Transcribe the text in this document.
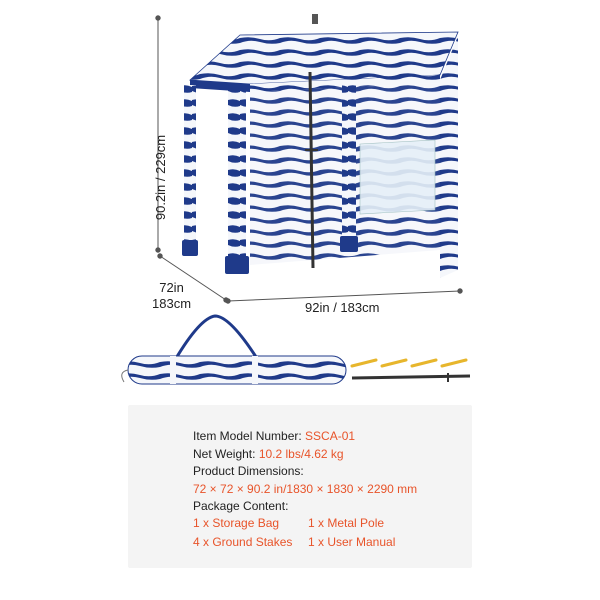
90.2in / 229cm
72in
183cm	92in / 183cm
Item Model Number: SSCA-01
Net Weight: 10.2 lbs/4.62 kg
Product Dimensions:
72 × 72 × 90.2 in/1830 × 1830 × 2290 mm
Package Content:
1 x Storage Bag 1 x Metal Pole
4 x Ground Stakes 1 x User Manual
